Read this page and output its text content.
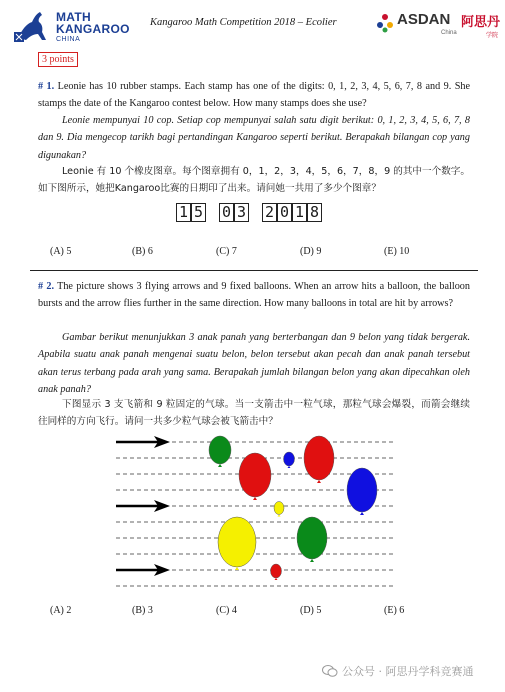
MATH
KANGAROO
CHINA
Kangaroo Math Competition 2018 – Ecolier	ASDAN
China
阿思丹
学院
3 points
# 1. Leonie has 10 rubber stamps. Each stamp has one of the digits: 0, 1, 2, 3, 4, 5, 6, 7, 8 and 9. She stamps the date of the Kangaroo contest below. How many stamps does she use?
Leonie mempunyai 10 cop. Setiap cop mempunyai salah satu digit berikut: 0, 1, 2, 3, 4, 5, 6, 7, 8 dan 9. Dia mengecop tarikh bagi pertandingan Kangaroo seperti berikut. Berapakah bilangan cop yang digunakan?
Leonie 有 10 个橡皮图章。每个图章拥有 0，1，2，3，4，5，6，7，8，9 的其中一个数字。如下图所示，她把Kangaroo比赛的日期印了出来。请问她一共用了多少个图章？
1 5 0 3 2 0 1 8
(A) 5	(B) 6	(C) 7	(D) 9	(E) 10
# 2. The picture shows 3 flying arrows and 9 fixed balloons. When an arrow hits a balloon, the balloon bursts and the arrow flies further in the same direction. How many balloons in total are hit by arrows?
Gambar berikut menunjukkan 3 anak panah yang berterbangan dan 9 belon yang tidak bergerak. Apabila suatu anak panah mengenai suatu belon, belon tersebut akan pecah dan anak panah tersebut akan terus terbang pada arah yang sama. Berapakah jumlah bilangan belon yang akan dipecahkan oleh anak panah?
下图显示 3 支飞箭和 9 粒固定的气球。当一支箭击中一粒气球，那粒气球会爆裂，而箭会继续往同样的方向飞行。请问一共多少粒气球会被飞箭击中？
(A) 2	(B) 3	(C) 4	(D) 5	(E) 6
公众号 · 阿思丹学科竞赛通
